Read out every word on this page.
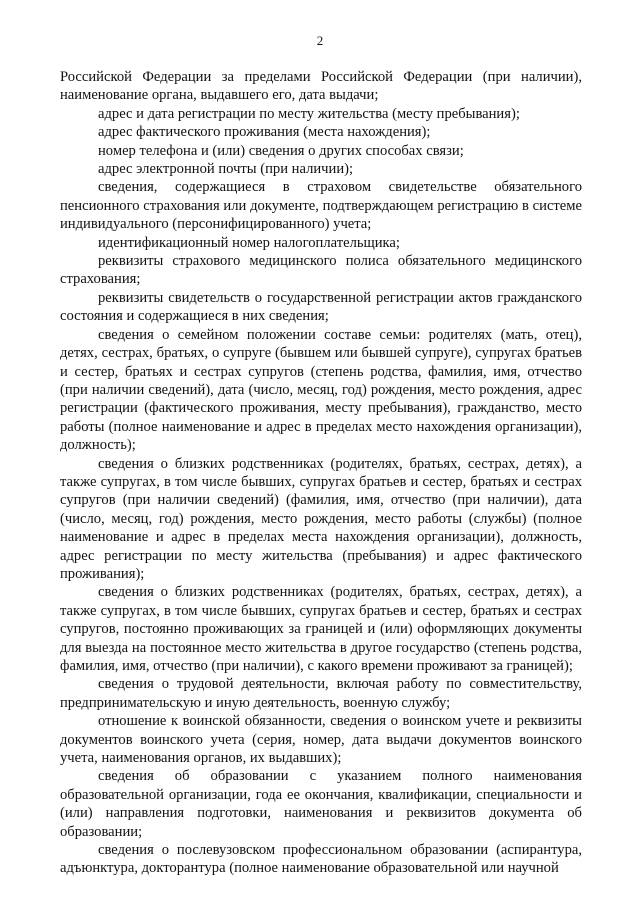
2

Российской Федерации за пределами Российской Федерации (при наличии), наименование органа, выдавшего его, дата выдачи;

адрес и дата регистрации по месту жительства (месту пребывания);

адрес фактического проживания (места нахождения);

номер телефона и (или) сведения о других способах связи;

адрес электронной почты (при наличии);

сведения, содержащиеся в страховом свидетельстве обязательного пенсионного страхования или документе, подтверждающем регистрацию в системе индивидуального (персонифицированного) учета;

идентификационный номер налогоплательщика;

реквизиты страхового медицинского полиса обязательного медицинского страхования;

реквизиты свидетельств о государственной регистрации актов гражданского состояния и содержащиеся в них сведения;

сведения о семейном положении составе семьи: родителях (мать, отец), детях, сестрах, братьях, о супруге (бывшем или бывшей супруге), супругах братьев и сестер, братьях и сестрах супругов (степень родства, фамилия, имя, отчество (при наличии сведений), дата (число, месяц, год) рождения, место рождения, адрес регистрации (фактического проживания, месту пребывания), гражданство, место работы (полное наименование и адрес в пределах место нахождения организации), должность);

сведения о близких родственниках (родителях, братьях, сестрах, детях), а также супругах, в том числе бывших, супругах братьев и сестер, братьях и сестрах супругов (при наличии сведений) (фамилия, имя, отчество (при наличии), дата (число, месяц, год) рождения, место рождения, место работы (службы) (полное наименование и адрес в пределах места нахождения организации), должность, адрес регистрации по месту жительства (пребывания) и адрес фактического проживания);

сведения о близких родственниках (родителях, братьях, сестрах, детях), а также супругах, в том числе бывших, супругах братьев и сестер, братьях и сестрах супругов, постоянно проживающих за границей и (или) оформляющих документы для выезда на постоянное место жительства в другое государство (степень родства, фамилия, имя, отчество (при наличии), с какого времени проживают за границей);

сведения о трудовой деятельности, включая работу по совместительству, предпринимательскую и иную деятельность, военную службу;

отношение к воинской обязанности, сведения о воинском учете и реквизиты документов воинского учета (серия, номер, дата выдачи документов воинского учета, наименования органов, их выдавших);

сведения об образовании с указанием полного наименования образовательной организации, года ее окончания, квалификации, специальности и (или) направления подготовки, наименования и реквизитов документа об образовании;

сведения о послевузовском профессиональном образовании (аспирантура, адъюнктура, докторантура (полное наименование образовательной или научной
